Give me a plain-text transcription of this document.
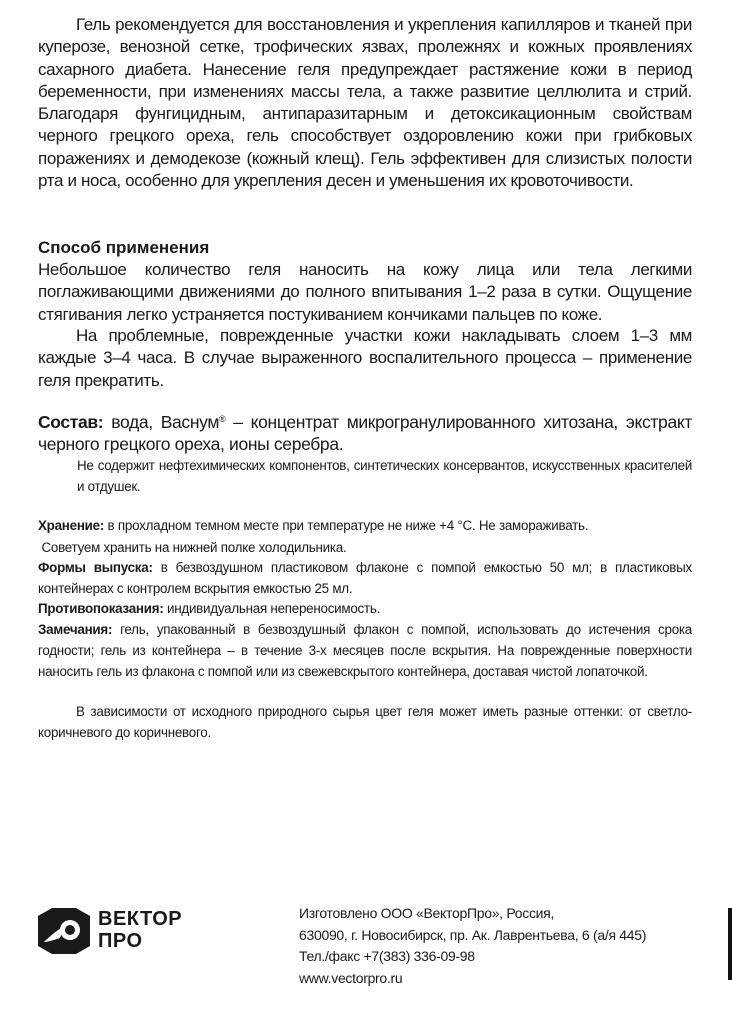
Гель рекомендуется для восстановления и укрепления капилляров и тканей при куперозе, венозной сетке, трофических язвах, пролежнях и кожных проявлениях сахарного диабета. Нанесение геля предупреждает растяжение кожи в период беременности, при изменениях массы тела, а также развитие целлюлита и стрий. Благодаря фунгицидным, антипаразитарным и детоксикационным свойствам черного грецкого ореха, гель способствует оздоровлению кожи при грибковых поражениях и демодекозе (кожный клещ). Гель эффективен для слизистых полости рта и носа, особенно для укрепления десен и уменьшения их кровоточивости.
Способ применения
Небольшое количество геля наносить на кожу лица или тела легкими поглаживающими движениями до полного впитывания 1–2 раза в сутки. Ощущение стягивания легко устраняется постукиванием кончиками пальцев по коже.
На проблемные, поврежденные участки кожи накладывать слоем 1–3 мм каждые 3–4 часа. В случае выраженного воспалительного процесса – применение геля прекратить.
Состав: вода, Васнум® – концентрат микрогранулированного хитозана, экстракт черного грецкого ореха, ионы серебра.
Не содержит нефтехимических компонентов, синтетических консервантов, искусственных красителей и отдушек.
Хранение: в прохладном темном месте при температуре не ниже +4 °С. Не замораживать.
Советуем хранить на нижней полке холодильника.
Формы выпуска: в безвоздушном пластиковом флаконе с помпой емкостью 50 мл; в пластиковых контейнерах с контролем вскрытия емкостью 25 мл.
Противопоказания: индивидуальная непереносимость.
Замечания: гель, упакованный в безвоздушный флакон с помпой, использовать до истечения срока годности; гель из контейнера – в течение 3-х месяцев после вскрытия. На поврежденные поверхности наносить гель из флакона с помпой или из свежевскрытого контейнера, доставая чистой лопаточкой.
В зависимости от исходного природного сырья цвет геля может иметь разные оттенки: от светло-коричневого до коричневого.
ВЕКТОР
ПРО
Изготовлено ООО «ВекторПро», Россия,
630090, г. Новосибирск, пр. Ак. Лаврентьева, 6 (а/я 445)
Тел./факс +7(383) 336-09-98
www.vectorpro.ru
